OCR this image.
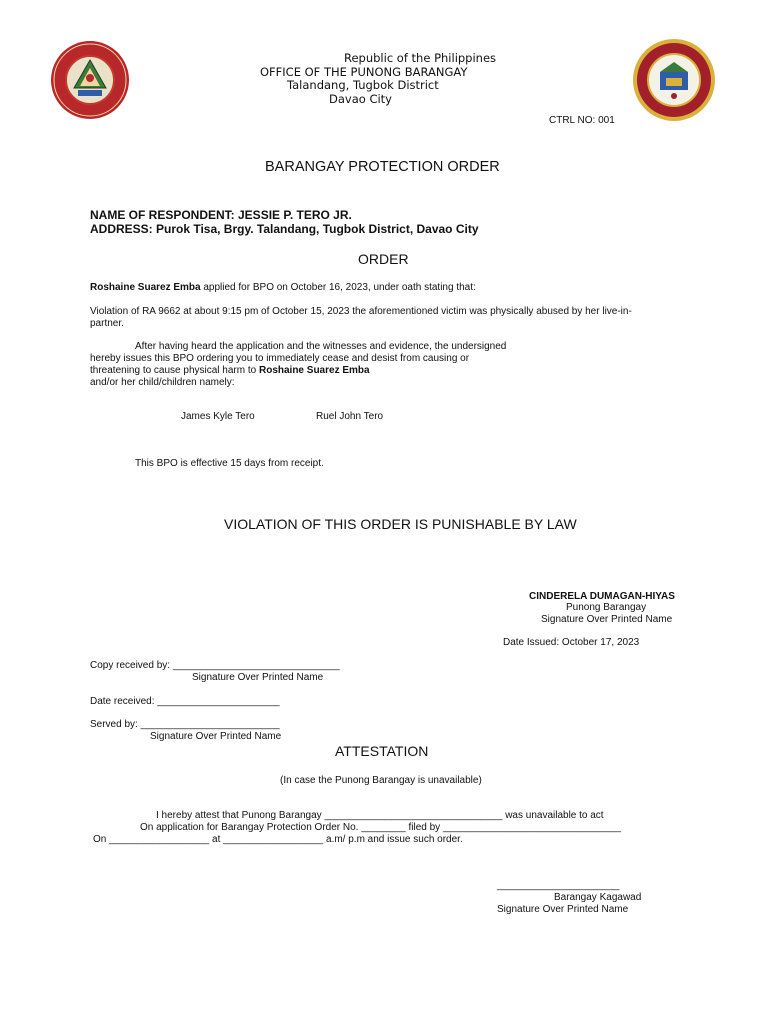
Republic of the Philippines
OFFICE OF THE PUNONG BARANGAY
Talandang, Tugbok District
Davao City
CTRL NO: 001
BARANGAY PROTECTION ORDER
NAME OF RESPONDENT: JESSIE P. TERO JR.
ADDRESS: Purok Tisa, Brgy. Talandang, Tugbok District, Davao City
ORDER
Roshaine Suarez Emba applied for BPO on October 16, 2023, under oath stating that:
Violation of RA 9662 at about 9:15 pm of October 15, 2023 the aforementioned victim was physically abused by her live-in-
partner.
After having heard the application and the witnesses and evidence, the undersigned
hereby issues this BPO ordering you to immediately cease and desist from causing or
threatening to cause physical harm to Roshaine Suarez Emba
and/or her child/children namely:
James Kyle Tero	Ruel John Tero
This BPO is effective 15 days from receipt.
VIOLATION OF THIS ORDER IS PUNISHABLE BY LAW
CINDERELA DUMAGAN-HIYAS
Punong Barangay
Signature Over Printed Name
Date Issued: October 17, 2023
Copy received by: ______________________________
Signature Over Printed Name
Date received: ______________________
Served by: _________________________
Signature Over Printed Name
ATTESTATION
(In case the Punong Barangay is unavailable)
I hereby attest that Punong Barangay ________________________________ was unavailable to act
On application for Barangay Protection Order No. ________ filed by ________________________________
On __________________ at __________________ a.m/ p.m and issue such order.
______________________
Barangay Kagawad
Signature Over Printed Name
